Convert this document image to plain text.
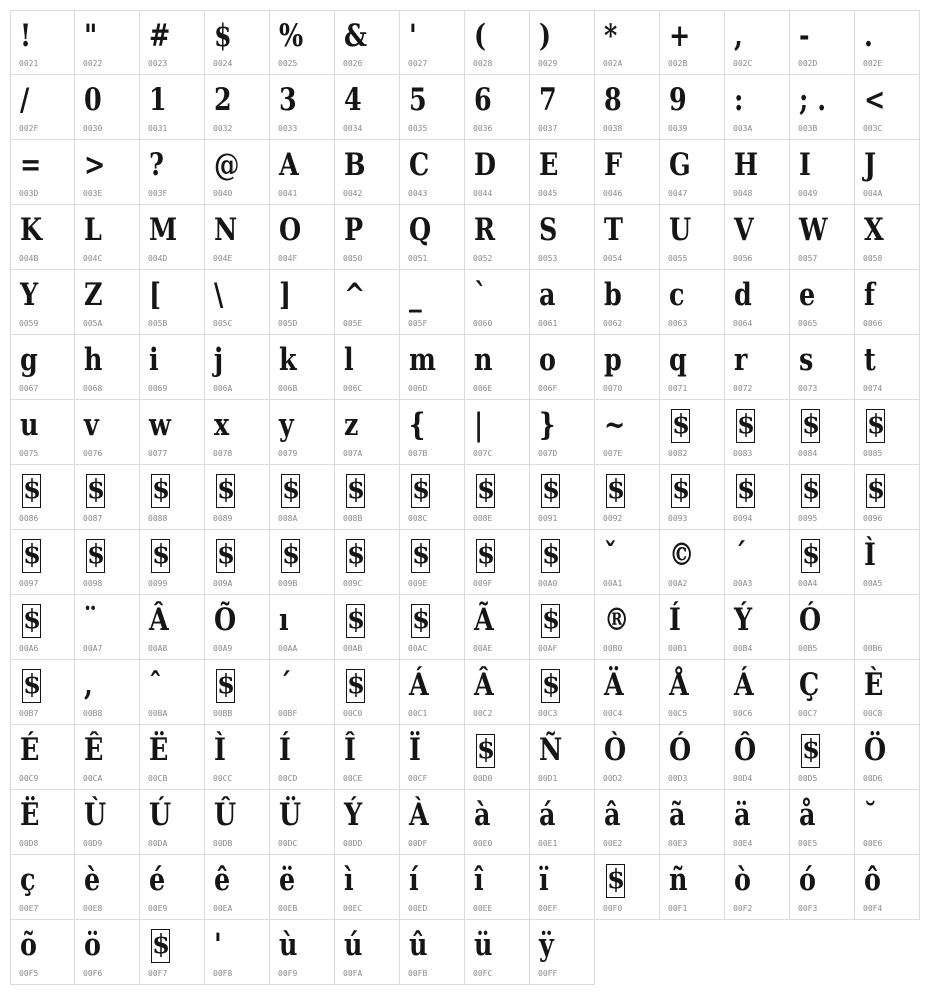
!
0021
"
0022
#
0023
$
0024
%
0025
&
0026
'
0027
(
0028
)
0029
*
002A
+
002B
,
002C
-
002D
.
002E
/
002F
0
0030
1
0031
2
0032
3
0033
4
0034
5
0035
6
0036
7
0037
8
0038
9
0039
:
003A
; .
003B
<
003C
=
003D
>
003E
?
003F
@
0040
A
0041
B
0042
C
0043
D
0044
E
0045
F
0046
G
0047
H
0048
I
0049
J
004A
K
004B
L
004C
M
004D
N
004E
O
004F
P
0050
Q
0051
R
0052
S
0053
T
0054
U
0055
V
0056
W
0057
X
0058
Y
0059
Z
005A
[
005B
\
005C
]
005D
^
005E
_
005F
`
0060
a
0061
b
0062
c
0063
d
0064
e
0065
f
0066
g
0067
h
0068
i
0069
j
006A
k
006B
l
006C
m
006D
n
006E
o
006F
p
0070
q
0071
r
0072
s
0073
t
0074
u
0075
v
0076
w
0077
x
0078
y
0079
z
007A
{
007B
|
007C
}
007D
~
007E
$
0082
$
0083
$
0084
$
0085
$
0086
$
0087
$
0088
$
0089
$
008A
$
008B
$
008C
$
008E
$
0091
$
0092
$
0093
$
0094
$
0095
$
0096
$
0097
$
0098
$
0099
$
009A
$
009B
$
009C
$
009E
$
009F
$
00A0
ˇ
00A1
©
00A2
´
00A3
$
00A4
Ì
00A5
$
00A6
¨
00A7
Â
00A8
Õ
00A9
ı
00AA
$
00AB
$
00AC
Ã
00AE
$
00AF
®
00B0
Í
00B1
Ý
00B4
Ó
00B5	00B6
$
00B7
,
00B8
ˆ
00BA
$
00BB
´
00BF
$
00C0
Á
00C1
Â
00C2
$
00C3
Ä
00C4
Å
00C5
Á
00C6
Ç
00C7
È
00C8
É
00C9
Ê
00CA
Ë
00CB
Ì
00CC
Í
00CD
Î
00CE
Ï
00CF
$
00D0
Ñ
00D1
Ò
00D2
Ó
00D3
Ô
00D4
$
00D5
Ö
00D6
Ë
00D8
Ù
00D9
Ú
00DA
Û
00DB
Ü
00DC
Ý
00DD
À
00DF
à
00E0
á
00E1
â
00E2
ã
00E3
ä
00E4
å
00E5
˘
00E6
ç
00E7
è
00E8
é
00E9
ê
00EA
ë
00EB
ì
00EC
í
00ED
î
00EE
ï
00EF
$
00F0
ñ
00F1
ò
00F2
ó
00F3
ô
00F4
õ
00F5
ö
00F6
$
00F7
'
00F8
ù
00F9
ú
00FA
û
00FB
ü
00FC
ÿ
00FF
